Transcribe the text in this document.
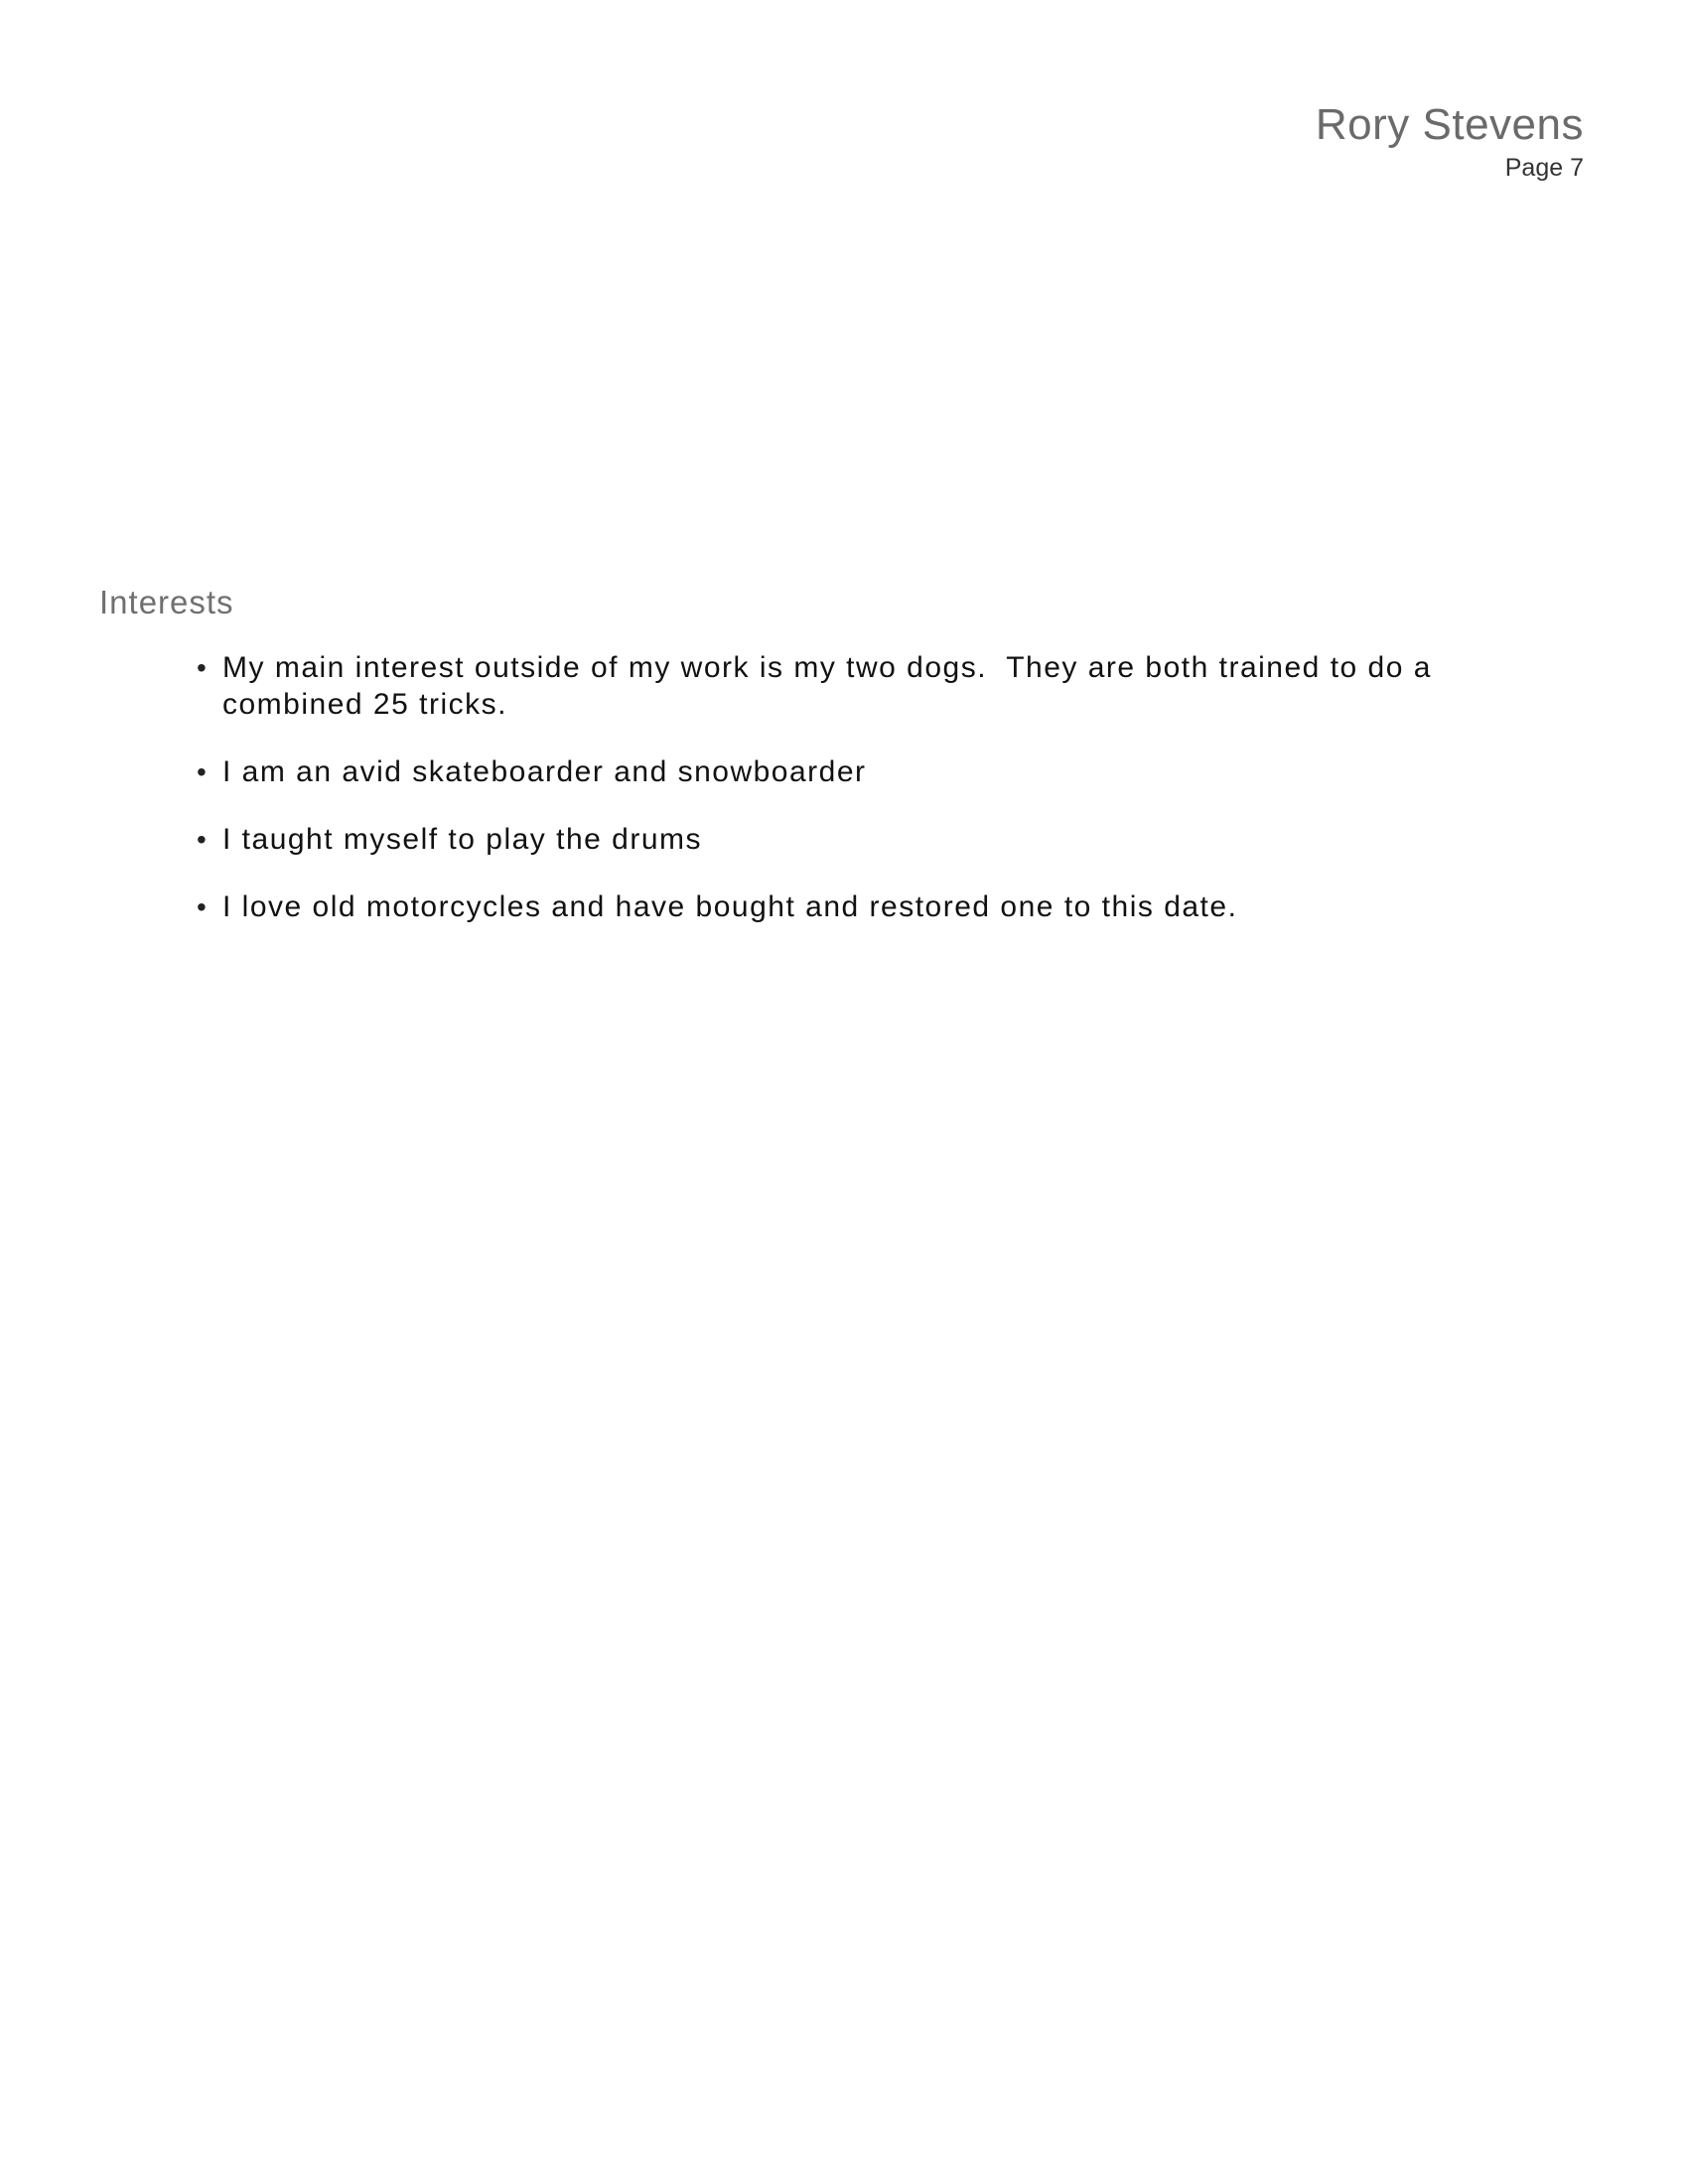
Rory Stevens
Page 7
Interests
• My main interest outside of my work is my two dogs.  They are both trained to do a combined 25 tricks.
• I am an avid skateboarder and snowboarder
• I taught myself to play the drums
• I love old motorcycles and have bought and restored one to this date.
